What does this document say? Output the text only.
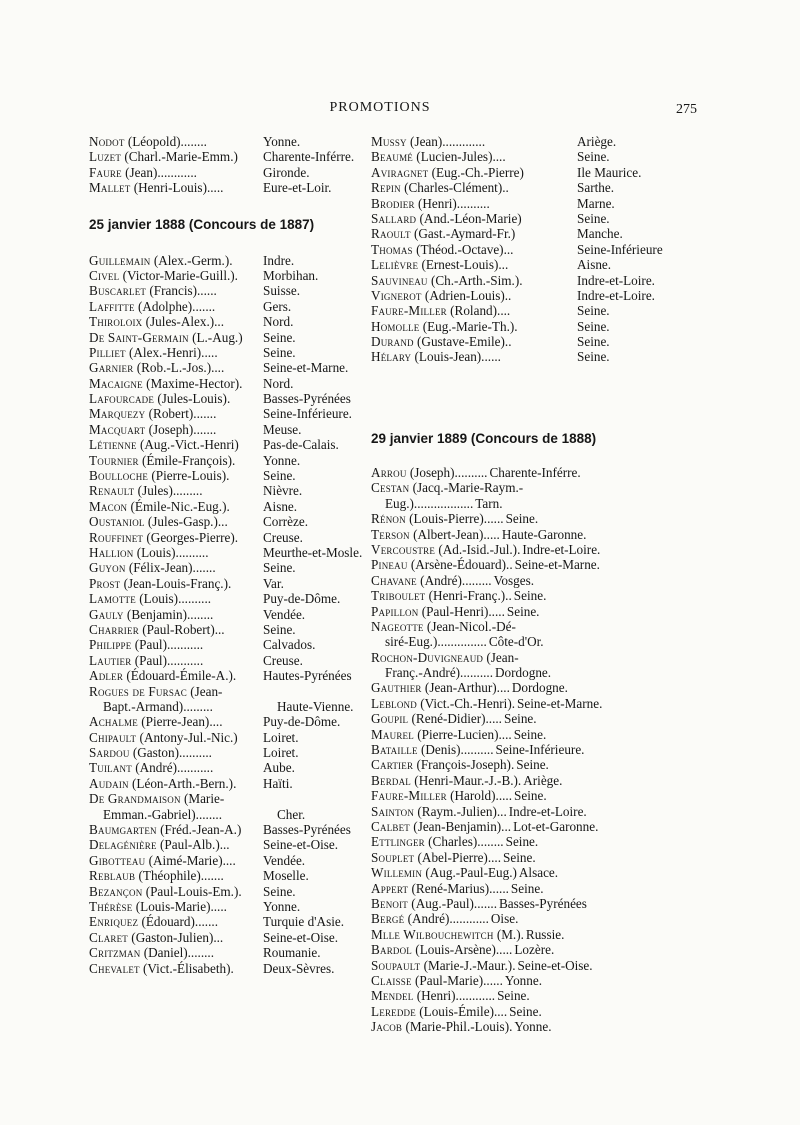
PROMOTIONS	275
Nodot (Léopold)........	Yonne.
Luzet (Charl.-Marie-Emm.)	Charente-Inférre.
Faure (Jean)............	Gironde.
Mallet (Henri-Louis).....	Eure-et-Loir.
25 janvier 1888 (Concours de 1887)
Guillemain (Alex.-Germ.).	Indre.
Civel (Victor-Marie-Guill.).	Morbihan.
Buscarlet (Francis)......	Suisse.
Laffitte (Adolphe).......	Gers.
Thiroloix (Jules-Alex.)...	Nord.
De Saint-Germain (L.-Aug.)	Seine.
Pilliet (Alex.-Henri).....	Seine.
Garnier (Rob.-L.-Jos.)....	Seine-et-Marne.
Macaigne (Maxime-Hector).	Nord.
Lafourcade (Jules-Louis).	Basses-Pyrénées
Marquezy (Robert).......	Seine-Inférieure.
Macquart (Joseph).......	Meuse.
Létienne (Aug.-Vict.-Henri)	Pas-de-Calais.
Tournier (Émile-François).	Yonne.
Boulloche (Pierre-Louis).	Seine.
Renault (Jules).........	Nièvre.
Macon (Émile-Nic.-Eug.).	Aisne.
Oustaniol (Jules-Gasp.)...	Corrèze.
Rouffinet (Georges-Pierre).	Creuse.
Hallion (Louis)..........	Meurthe-et-Mosle.
Guyon (Félix-Jean).......	Seine.
Prost (Jean-Louis-Franç.).	Var.
Lamotte (Louis)..........	Puy-de-Dôme.
Gauly (Benjamin)........	Vendée.
Charrier (Paul-Robert)...	Seine.
Philippe (Paul)...........	Calvados.
Lautier (Paul)...........	Creuse.
Adler (Édouard-Émile-A.).	Hautes-Pyrénées
Rogues de Fursac (Jean-
Bapt.-Armand).........	Haute-Vienne.
Achalme (Pierre-Jean)....	Puy-de-Dôme.
Chipault (Antony-Jul.-Nic.)	Loiret.
Sardou (Gaston)..........	Loiret.
Tuilant (André)...........	Aube.
Audain (Léon-Arth.-Bern.).	Haïti.
De Grandmaison (Marie-
Emman.-Gabriel)........	Cher.
Baumgarten (Fréd.-Jean-A.)	Basses-Pyrénées
Delagénière (Paul-Alb.)...	Seine-et-Oise.
Gibotteau (Aimé-Marie)....	Vendée.
Reblaub (Théophile).......	Moselle.
Bezançon (Paul-Louis-Em.).	Seine.
Thérèse (Louis-Marie).....	Yonne.
Enriquez (Édouard).......	Turquie d'Asie.
Claret (Gaston-Julien)...	Seine-et-Oise.
Critzman (Daniel)........	Roumanie.
Chevalet (Vict.-Élisabeth).	Deux-Sèvres.
Mussy (Jean).............	Ariège.
Beaumé (Lucien-Jules)....	Seine.
Aviragnet (Eug.-Ch.-Pierre)	Ile Maurice.
Repin (Charles-Clément)..	Sarthe.
Brodier (Henri)..........	Marne.
Sallard (And.-Léon-Marie)	Seine.
Raoult (Gast.-Aymard-Fr.)	Manche.
Thomas (Théod.-Octave)...	Seine-Inférieure
Lelièvre (Ernest-Louis)...	Aisne.
Sauvineau (Ch.-Arth.-Sim.).	Indre-et-Loire.
Vignerot (Adrien-Louis)..	Indre-et-Loire.
Faure-Miller (Roland)....	Seine.
Homolle (Eug.-Marie-Th.).	Seine.
Durand (Gustave-Emile)..	Seine.
Hélary (Louis-Jean)......	Seine.
29 janvier 1889 (Concours de 1888)
Arrou (Joseph).......... Charente-Inférre.
Cestan (Jacq.-Marie-Raym.-
Eug.).................. Tarn.
Rénon (Louis-Pierre)...... Seine.
Terson (Albert-Jean)..... Haute-Garonne.
Vercoustre (Ad.-Isid.-Jul.). Indre-et-Loire.
Pineau (Arsène-Édouard).. Seine-et-Marne.
Chavane (André)......... Vosges.
Triboulet (Henri-Franç.).. Seine.
Papillon (Paul-Henri)..... Seine.
Nageotte (Jean-Nicol.-Dé-
siré-Eug.)............... Côte-d'Or.
Rochon-Duvigneaud (Jean-
Franç.-André).......... Dordogne.
Gauthier (Jean-Arthur).... Dordogne.
Leblond (Vict.-Ch.-Henri). Seine-et-Marne.
Goupil (René-Didier)..... Seine.
Maurel (Pierre-Lucien).... Seine.
Bataille (Denis).......... Seine-Inférieure.
Cartier (François-Joseph). Seine.
Berdal (Henri-Maur.-J.-B.). Ariège.
Faure-Miller (Harold)..... Seine.
Sainton (Raym.-Julien)... Indre-et-Loire.
Calbet (Jean-Benjamin)... Lot-et-Garonne.
Ettlinger (Charles)........ Seine.
Souplet (Abel-Pierre).... Seine.
Willemin (Aug.-Paul-Eug.) Alsace.
Appert (René-Marius)...... Seine.
Benoit (Aug.-Paul)....... Basses-Pyrénées
Bergé (André)............ Oise.
Mlle Wilbouchewitch (M.). Russie.
Bardol (Louis-Arsène)..... Lozère.
Soupault (Marie-J.-Maur.). Seine-et-Oise.
Claisse (Paul-Marie)...... Yonne.
Mendel (Henri)............ Seine.
Leredde (Louis-Émile).... Seine.
Jacob (Marie-Phil.-Louis). Yonne.
